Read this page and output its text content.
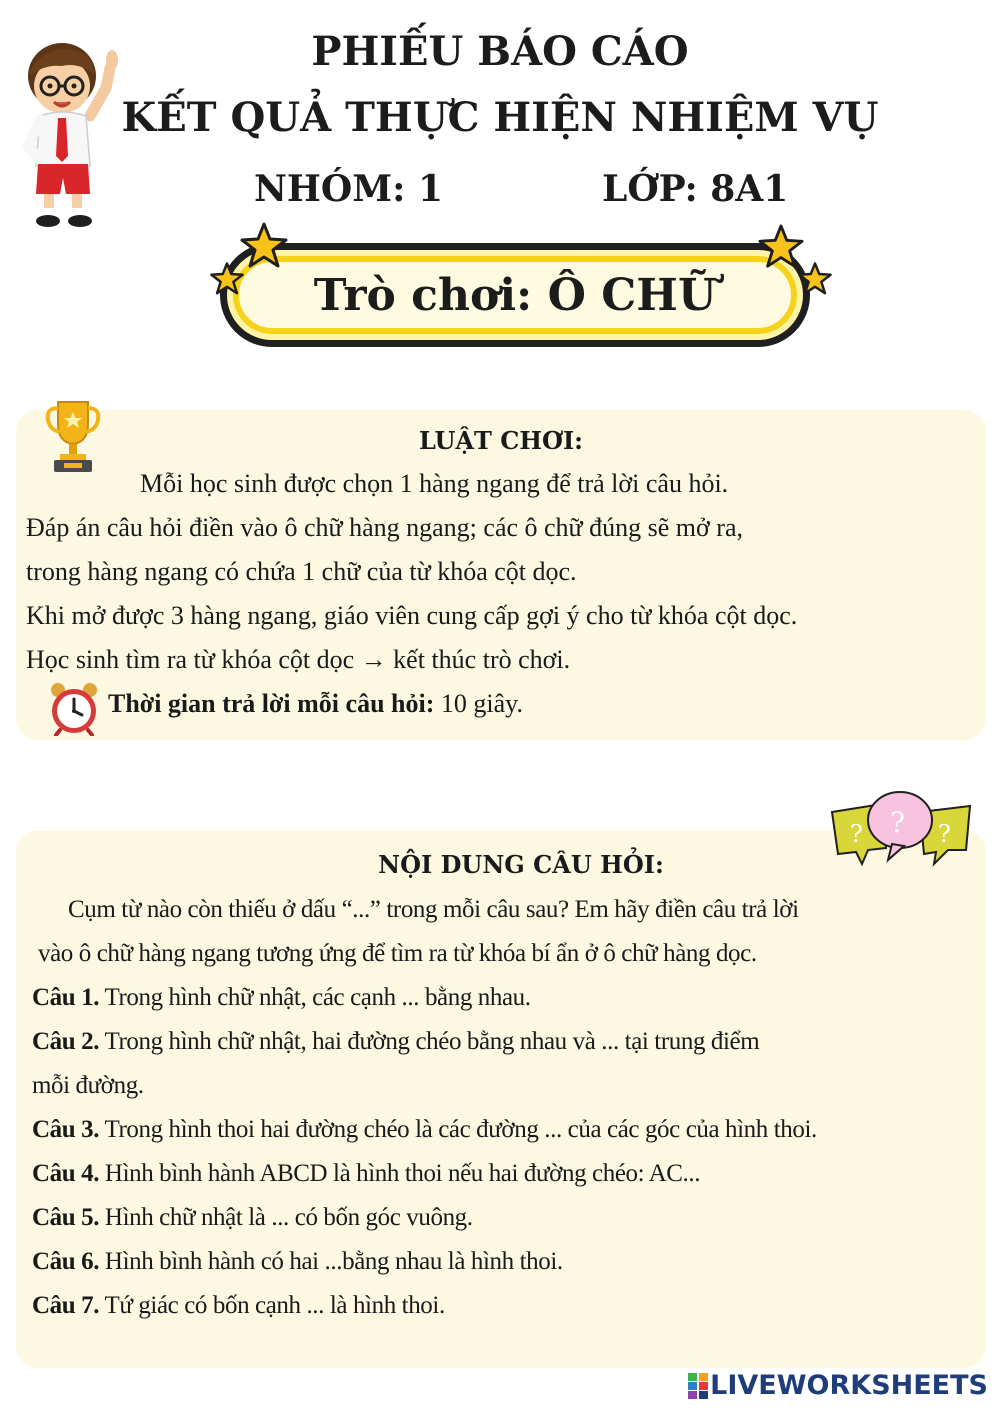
PHIẾU BÁO CÁO
KẾT QUẢ THỰC HIỆN NHIỆM VỤ
NHÓM: 1	LỚP: 8A1
Trò chơi: Ô CHỮ
LUẬT CHƠI:

Mỗi học sinh được chọn 1 hàng ngang để trả lời câu hỏi.

Đáp án câu hỏi điền vào ô chữ hàng ngang; các ô chữ đúng sẽ mở ra,

trong hàng ngang có chứa 1 chữ của từ khóa cột dọc.

Khi mở được 3 hàng ngang, giáo viên cung cấp gợi ý cho từ khóa cột dọc.

Học sinh tìm ra từ khóa cột dọc → kết thúc trò chơi.

Thời gian trả lời mỗi câu hỏi: 10 giây.

?	?
?
NỘI DUNG CÂU HỎI:

Cụm từ nào còn thiếu ở dấu “...” trong mỗi câu sau? Em hãy điền câu trả lời

vào ô chữ hàng ngang tương ứng để tìm ra từ khóa bí ẩn ở ô chữ hàng dọc.

Câu 1. Trong hình chữ nhật, các cạnh ... bằng nhau.

Câu 2. Trong hình chữ nhật, hai đường chéo bằng nhau và ... tại trung điểm

mỗi đường.

Câu 3. Trong hình thoi hai đường chéo là các đường ... của các góc của hình thoi.

Câu 4. Hình bình hành ABCD là hình thoi nếu hai đường chéo: AC...

Câu 5. Hình chữ nhật là ... có bốn góc vuông.

Câu 6. Hình bình hành có hai ...bằng nhau là hình thoi.

Câu 7. Tứ giác có bốn cạnh ... là hình thoi.

LIVEWORKSHEETS
